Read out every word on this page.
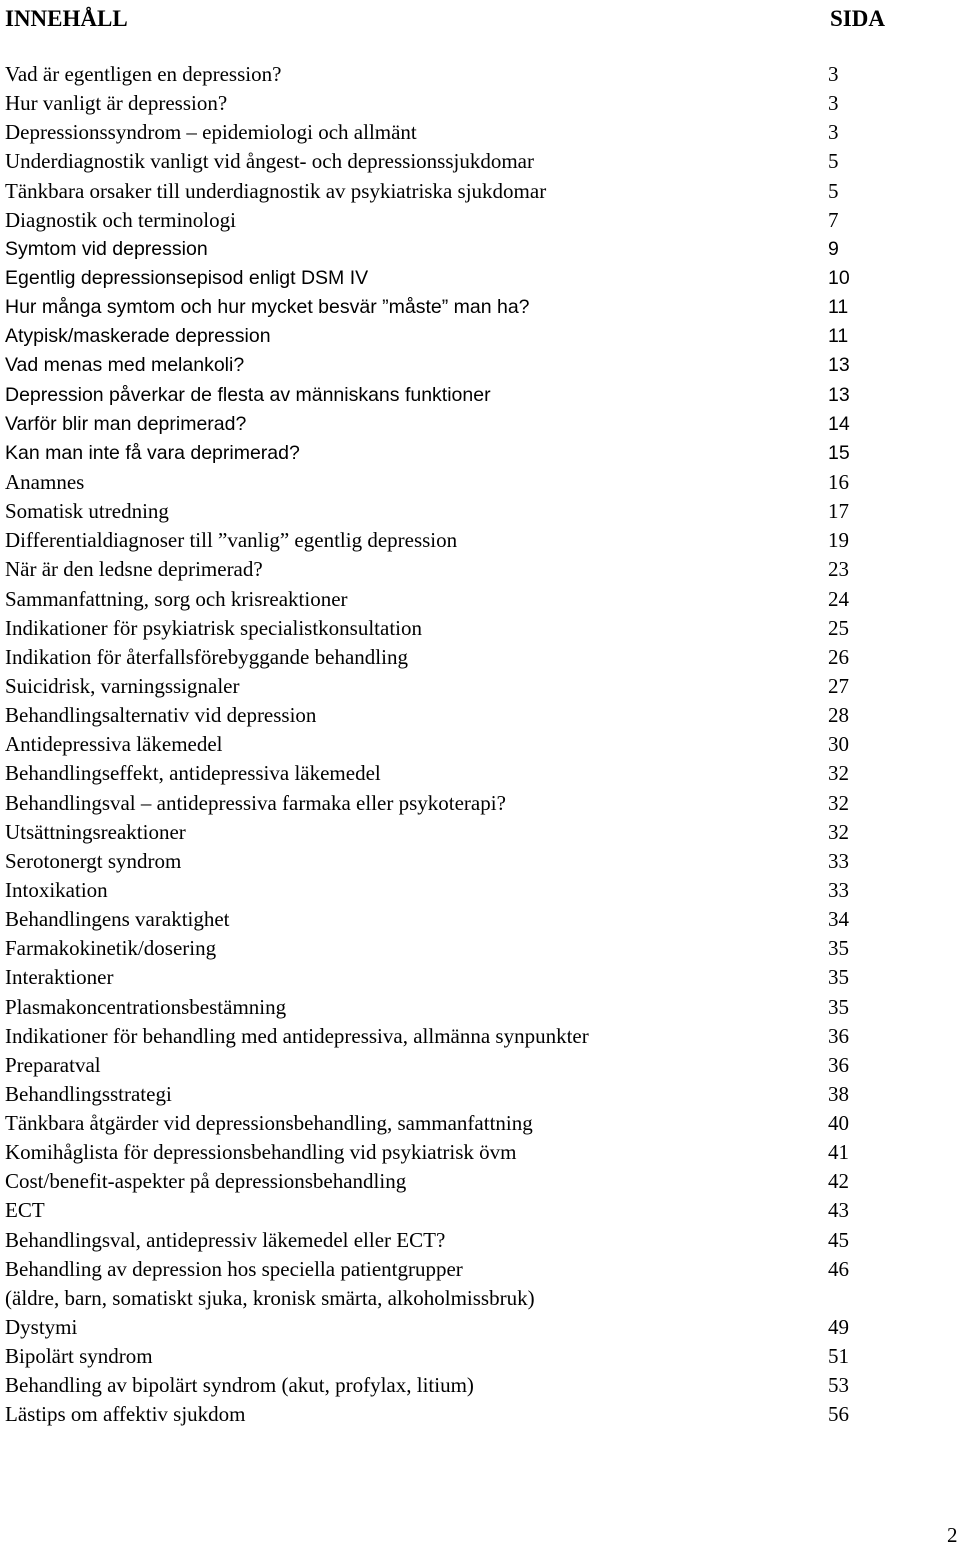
INNEHÅLL	SIDA
Vad är egentligen en depression?	3
Hur vanligt är depression?	3
Depressionssyndrom – epidemiologi och allmänt	3
Underdiagnostik vanligt vid ångest- och depressionssjukdomar	5
Tänkbara orsaker till underdiagnostik av psykiatriska sjukdomar	5
Diagnostik och terminologi	7
Symtom vid depression	9
Egentlig depressionsepisod enligt DSM IV	10
Hur många symtom och hur mycket besvär ”måste” man ha?	11
Atypisk/maskerade depression	11
Vad menas med melankoli?	13
Depression påverkar de flesta av människans funktioner	13
Varför blir man deprimerad?	14
Kan man inte få vara deprimerad?	15
Anamnes	16
Somatisk utredning	17
Differentialdiagnoser till ”vanlig” egentlig depression	19
När är den ledsne deprimerad?	23
Sammanfattning, sorg och krisreaktioner	24
Indikationer för psykiatrisk specialistkonsultation	25
Indikation för återfallsförebyggande behandling	26
Suicidrisk, varningssignaler	27
Behandlingsalternativ vid depression	28
Antidepressiva läkemedel	30
Behandlingseffekt, antidepressiva läkemedel	32
Behandlingsval – antidepressiva farmaka eller psykoterapi?	32
Utsättningsreaktioner	32
Serotonergt syndrom	33
Intoxikation	33
Behandlingens varaktighet	34
Farmakokinetik/dosering	35
Interaktioner	35
Plasmakoncentrationsbestämning	35
Indikationer för behandling med antidepressiva, allmänna synpunkter	36
Preparatval	36
Behandlingsstrategi	38
Tänkbara åtgärder vid depressionsbehandling, sammanfattning	40
Komihåglista för depressionsbehandling vid psykiatrisk övm	41
Cost/benefit-aspekter på depressionsbehandling	42
ECT	43
Behandlingsval, antidepressiv läkemedel eller ECT?	45
Behandling av depression hos speciella patientgrupper	46
(äldre, barn, somatiskt sjuka, kronisk smärta, alkoholmissbruk)
Dystymi	49
Bipolärt syndrom	51
Behandling av bipolärt syndrom (akut, profylax, litium)	53
Lästips om affektiv sjukdom	56
2
